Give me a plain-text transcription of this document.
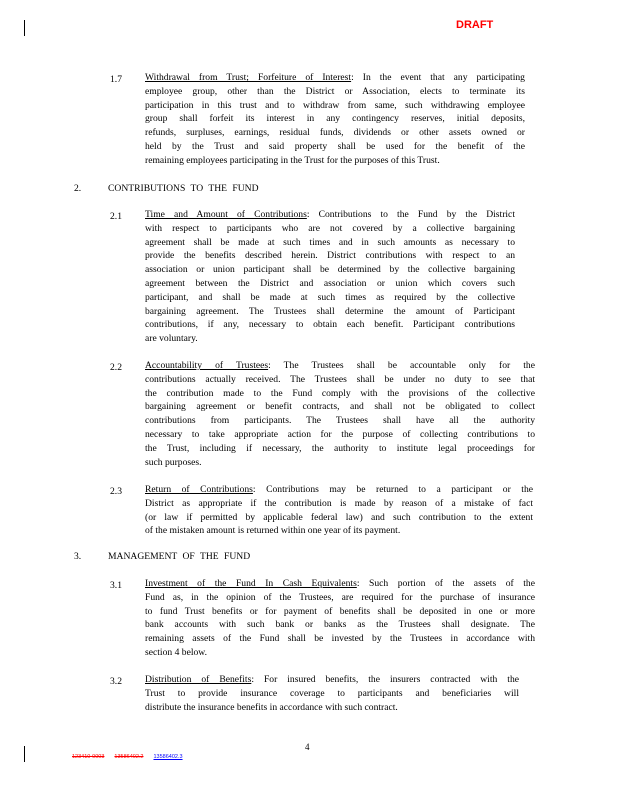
DRAFT
1.7 Withdrawal from Trust; Forfeiture of Interest: In the event that any participating
employee group, other than the District or Association, elects to terminate its
participation in this trust and to withdraw from same, such withdrawing employee
group shall forfeit its interest in any contingency reserves, initial deposits,
refunds, surpluses, earnings, residual funds, dividends or other assets owned or
held by the Trust and said property shall be used for the benefit of the
remaining employees participating in the Trust for the purposes of this Trust.
2.	CONTRIBUTIONS TO THE FUND
2.1 Time and Amount of Contributions: Contributions to the Fund by the District
with respect to participants who are not covered by a collective bargaining
agreement shall be made at such times and in such amounts as necessary to
provide the benefits described herein. District contributions with respect to an
association or union participant shall be determined by the collective bargaining
agreement between the District and association or union which covers such
participant, and shall be made at such times as required by the collective
bargaining agreement. The Trustees shall determine the amount of Participant
contributions, if any, necessary to obtain each benefit. Participant contributions
are voluntary.
2.2 Accountability of Trustees: The Trustees shall be accountable only for the
contributions actually received. The Trustees shall be under no duty to see that
the contribution made to the Fund comply with the provisions of the collective
bargaining agreement or benefit contracts, and shall not be obligated to collect
contributions from participants. The Trustees shall have all the authority
necessary to take appropriate action for the purpose of collecting contributions to
the Trust, including if necessary, the authority to institute legal proceedings for
such purposes.
2.3 Return of Contributions: Contributions may be returned to a participant or the
District as appropriate if the contribution is made by reason of a mistake of fact
(or law if permitted by applicable federal law) and such contribution to the extent
of the mistaken amount is returned within one year of its payment.
3.	MANAGEMENT OF THE FUND
3.1 Investment of the Fund In Cash Equivalents: Such portion of the assets of the
Fund as, in the opinion of the Trustees, are required for the purchase of insurance
to fund Trust benefits or for payment of benefits shall be deposited in one or more
bank accounts with such bank or banks as the Trustees shall designate. The
remaining assets of the Fund shall be invested by the Trustees in accordance with
section 4 below.
3.2 Distribution of Benefits: For insured benefits, the insurers contracted with the
Trust to provide insurance coverage to participants and beneficiaries will
distribute the insurance benefits in accordance with such contract.
4
123410-0003 13586402.2 13586402.3
